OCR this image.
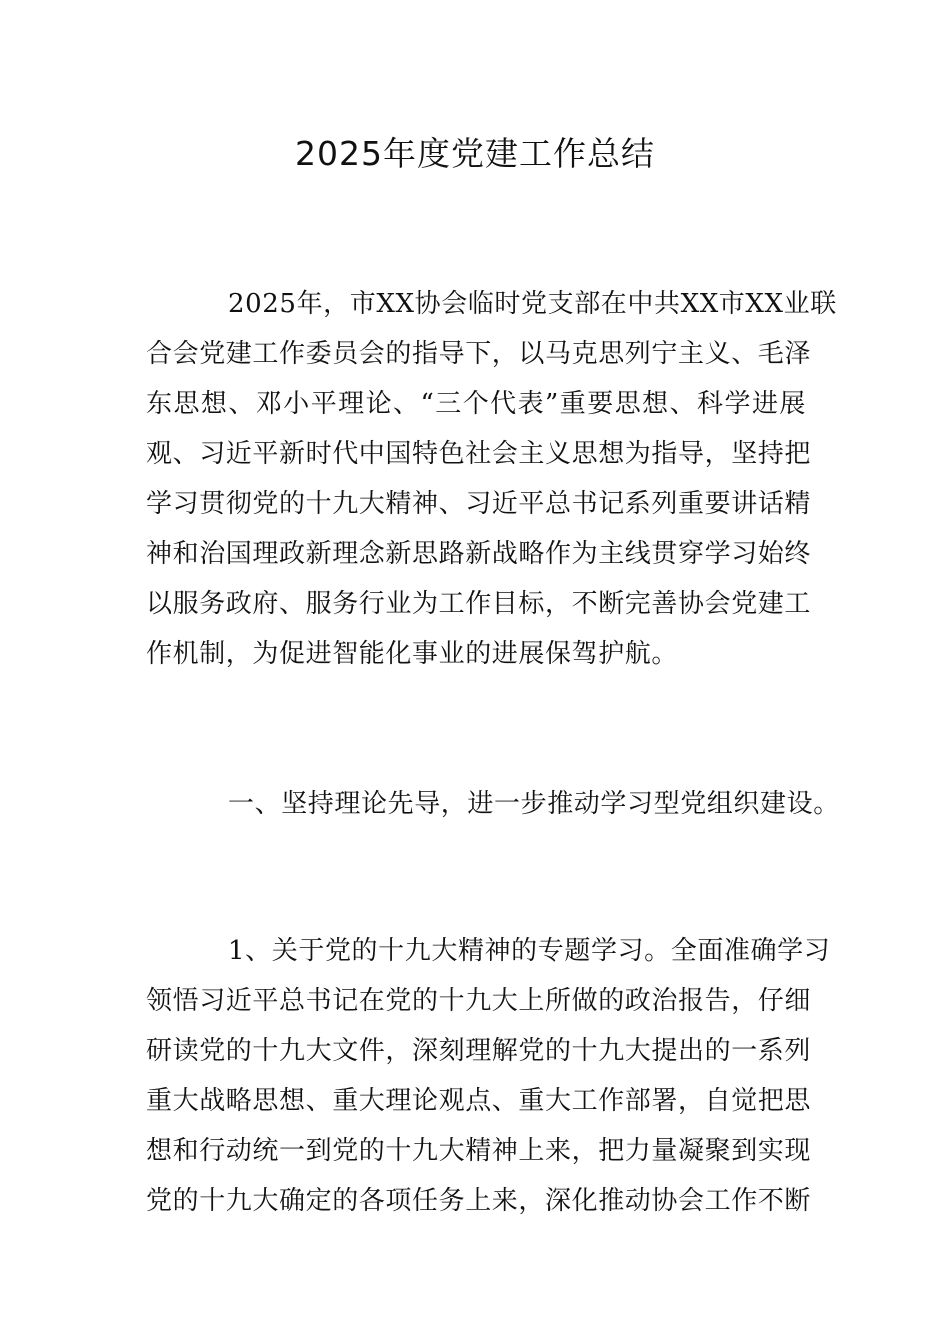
2025年度党建工作总结
2025年，市XX协会临时党支部在中共XX市XX业联
合会党建工作委员会的指导下，以马克思列宁主义、毛泽
东思想、邓小平理论、“三个代表”重要思想、科学进展
观、习近平新时代中国特色社会主义思想为指导，坚持把
学习贯彻党的十九大精神、习近平总书记系列重要讲话精
神和治国理政新理念新思路新战略作为主线贯穿学习始终
以服务政府、服务行业为工作目标，不断完善协会党建工
作机制，为促进智能化事业的进展保驾护航。
一、坚持理论先导，进一步推动学习型党组织建设。
1、关于党的十九大精神的专题学习。全面准确学习
领悟习近平总书记在党的十九大上所做的政治报告，仔细
研读党的十九大文件，深刻理解党的十九大提出的一系列
重大战略思想、重大理论观点、重大工作部署，自觉把思
想和行动统一到党的十九大精神上来，把力量凝聚到实现
党的十九大确定的各项任务上来，深化推动协会工作不断
